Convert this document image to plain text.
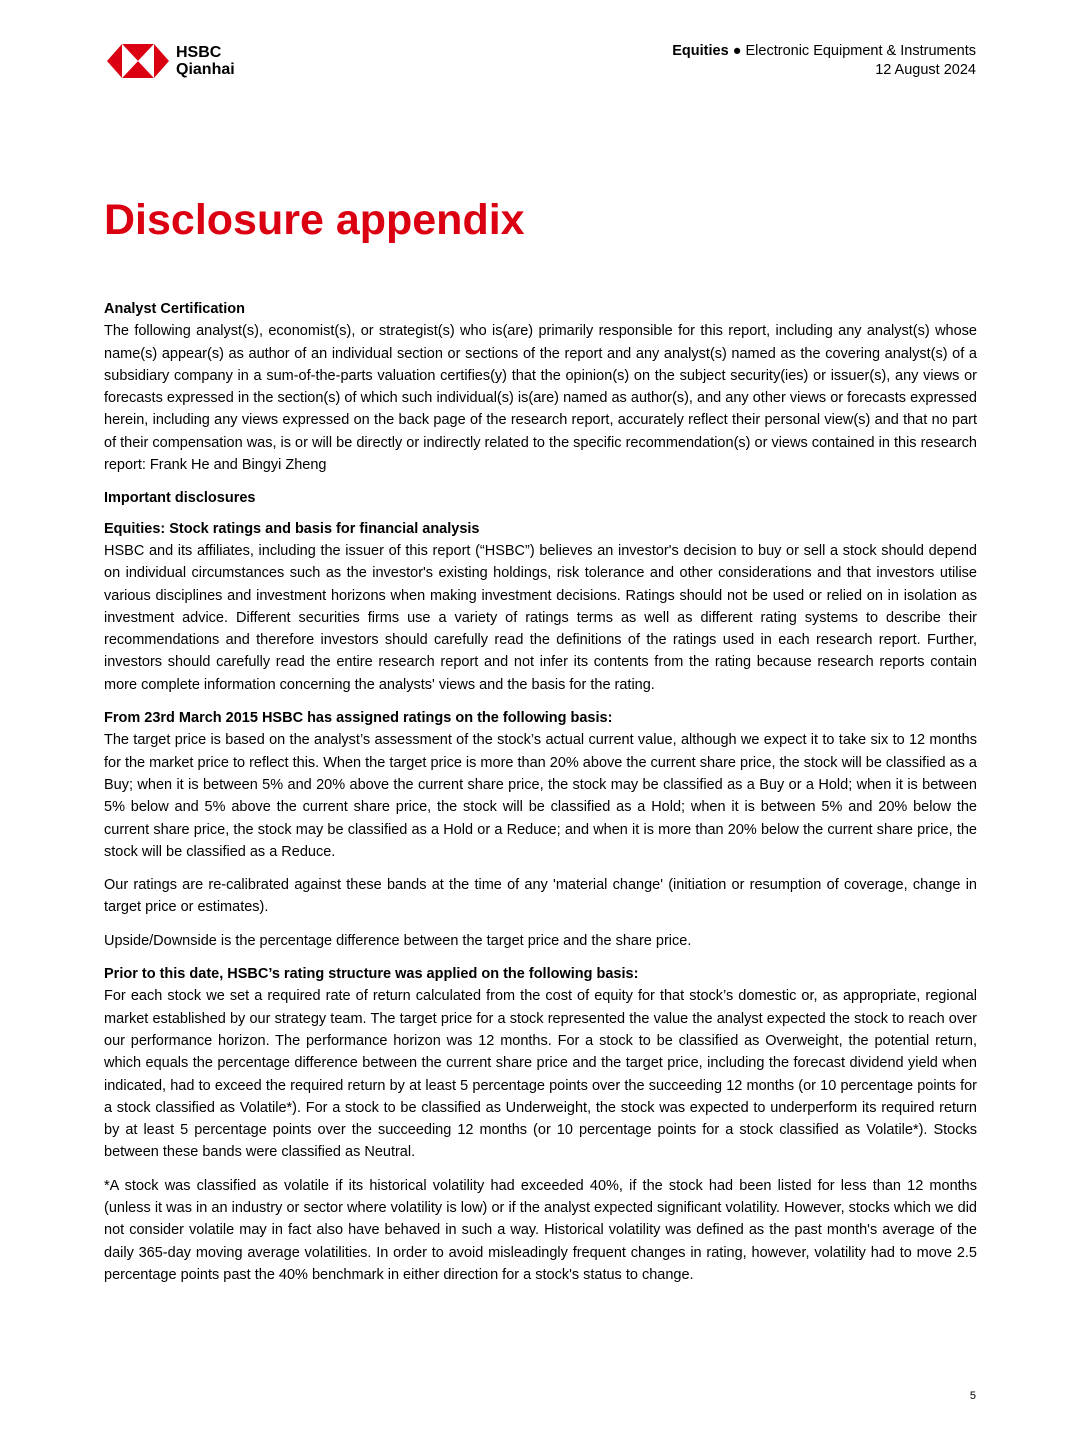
HSBC
Qianhai
Equities ● Electronic Equipment & Instruments
12 August 2024
Disclosure appendix
Analyst Certification

The following analyst(s), economist(s), or strategist(s) who is(are) primarily responsible for this report, including any analyst(s) whose name(s) appear(s) as author of an individual section or sections of the report and any analyst(s) named as the covering analyst(s) of a subsidiary company in a sum-of-the-parts valuation certifies(y) that the opinion(s) on the subject security(ies) or issuer(s), any views or forecasts expressed in the section(s) of which such individual(s) is(are) named as author(s), and any other views or forecasts expressed herein, including any views expressed on the back page of the research report, accurately reflect their personal view(s) and that no part of their compensation was, is or will be directly or indirectly related to the specific recommendation(s) or views contained in this research report: Frank He and Bingyi Zheng

Important disclosures
Equities: Stock ratings and basis for financial analysis

HSBC and its affiliates, including the issuer of this report (“HSBC”) believes an investor's decision to buy or sell a stock should depend on individual circumstances such as the investor's existing holdings, risk tolerance and other considerations and that investors utilise various disciplines and investment horizons when making investment decisions. Ratings should not be used or relied on in isolation as investment advice. Different securities firms use a variety of ratings terms as well as different rating systems to describe their recommendations and therefore investors should carefully read the definitions of the ratings used in each research report. Further, investors should carefully read the entire research report and not infer its contents from the rating because research reports contain more complete information concerning the analysts' views and the basis for the rating.

From 23rd March 2015 HSBC has assigned ratings on the following basis:

The target price is based on the analyst’s assessment of the stock’s actual current value, although we expect it to take six to 12 months for the market price to reflect this. When the target price is more than 20% above the current share price, the stock will be classified as a Buy; when it is between 5% and 20% above the current share price, the stock may be classified as a Buy or a Hold; when it is between 5% below and 5% above the current share price, the stock will be classified as a Hold; when it is between 5% and 20% below the current share price, the stock may be classified as a Hold or a Reduce; and when it is more than 20% below the current share price, the stock will be classified as a Reduce.

Our ratings are re-calibrated against these bands at the time of any 'material change' (initiation or resumption of coverage, change in target price or estimates).

Upside/Downside is the percentage difference between the target price and the share price.

Prior to this date, HSBC’s rating structure was applied on the following basis:

For each stock we set a required rate of return calculated from the cost of equity for that stock’s domestic or, as appropriate, regional market established by our strategy team. The target price for a stock represented the value the analyst expected the stock to reach over our performance horizon. The performance horizon was 12 months. For a stock to be classified as Overweight, the potential return, which equals the percentage difference between the current share price and the target price, including the forecast dividend yield when indicated, had to exceed the required return by at least 5 percentage points over the succeeding 12 months (or 10 percentage points for a stock classified as Volatile*). For a stock to be classified as Underweight, the stock was expected to underperform its required return by at least 5 percentage points over the succeeding 12 months (or 10 percentage points for a stock classified as Volatile*). Stocks between these bands were classified as Neutral.

*A stock was classified as volatile if its historical volatility had exceeded 40%, if the stock had been listed for less than 12 months (unless it was in an industry or sector where volatility is low) or if the analyst expected significant volatility. However, stocks which we did not consider volatile may in fact also have behaved in such a way. Historical volatility was defined as the past month's average of the daily 365-day moving average volatilities. In order to avoid misleadingly frequent changes in rating, however, volatility had to move 2.5 percentage points past the 40% benchmark in either direction for a stock's status to change.

5
